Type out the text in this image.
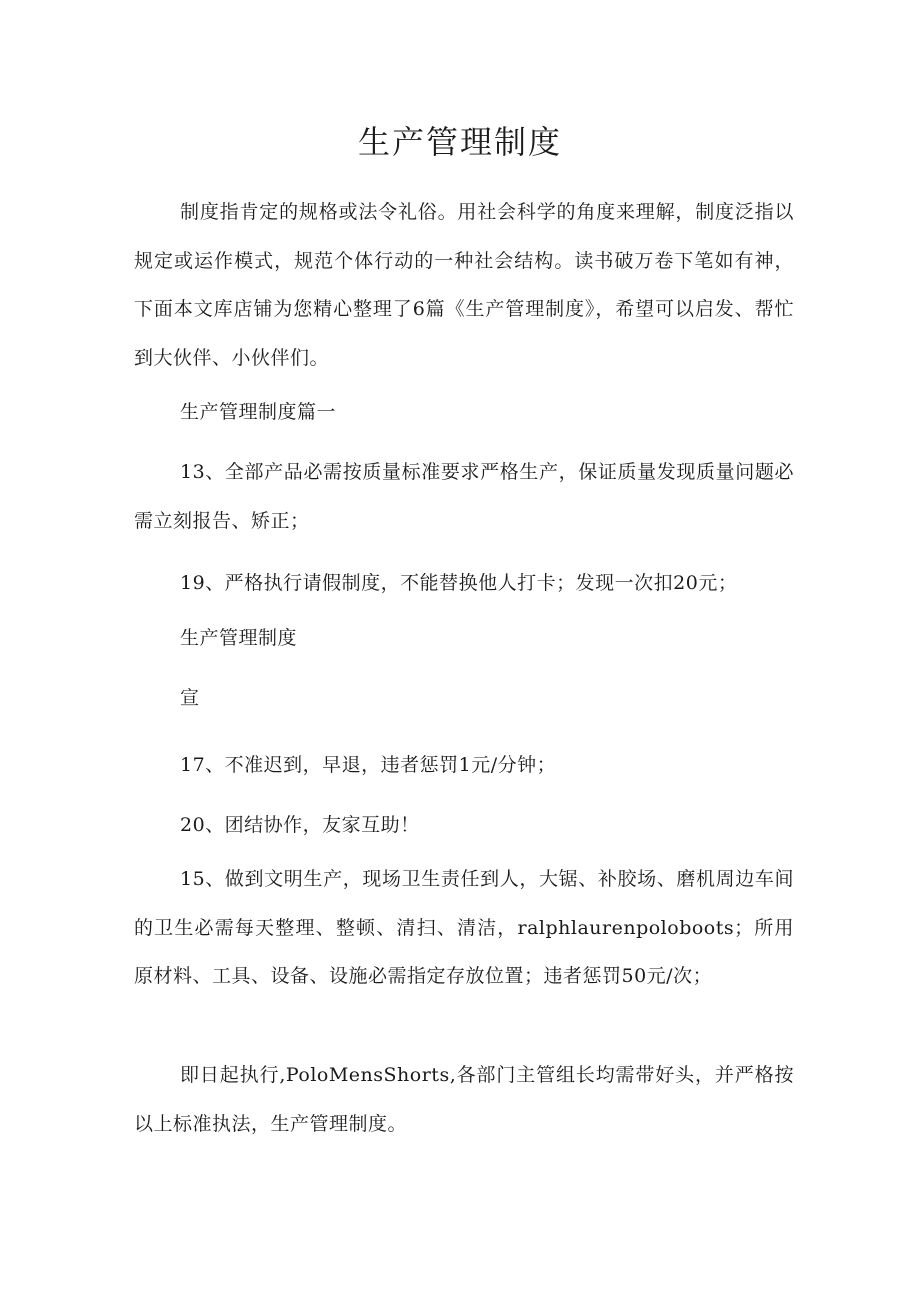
生产管理制度

制度指肯定的规格或法令礼俗。用社会科学的角度来理解，制度泛指以规定或运作模式，规范个体行动的一种社会结构。读书破万卷下笔如有神，下面本文库店铺为您精心整理了6篇《生产管理制度》，希望可以启发、帮忙到大伙伴、小伙伴们。

生产管理制度篇一

13、全部产品必需按质量标准要求严格生产，保证质量发现质量问题必需立刻报告、矫正；

19、严格执行请假制度，不能替换他人打卡；发现一次扣20元；

生产管理制度
宣

17、不准迟到，早退，违者惩罚1元/分钟；

20、团结协作，友家互助！

15、做到文明生产，现场卫生责任到人，大锯、补胶场、磨机周边车间的卫生必需每天整理、整顿、清扫、清洁，ralphlaurenpoloboots；所用原材料、工具、设备、设施必需指定存放位置；违者惩罚50元/次；

即日起执行,PoloMensShorts,各部门主管组长均需带好头，并严格按以上标准执法，生产管理制度。
